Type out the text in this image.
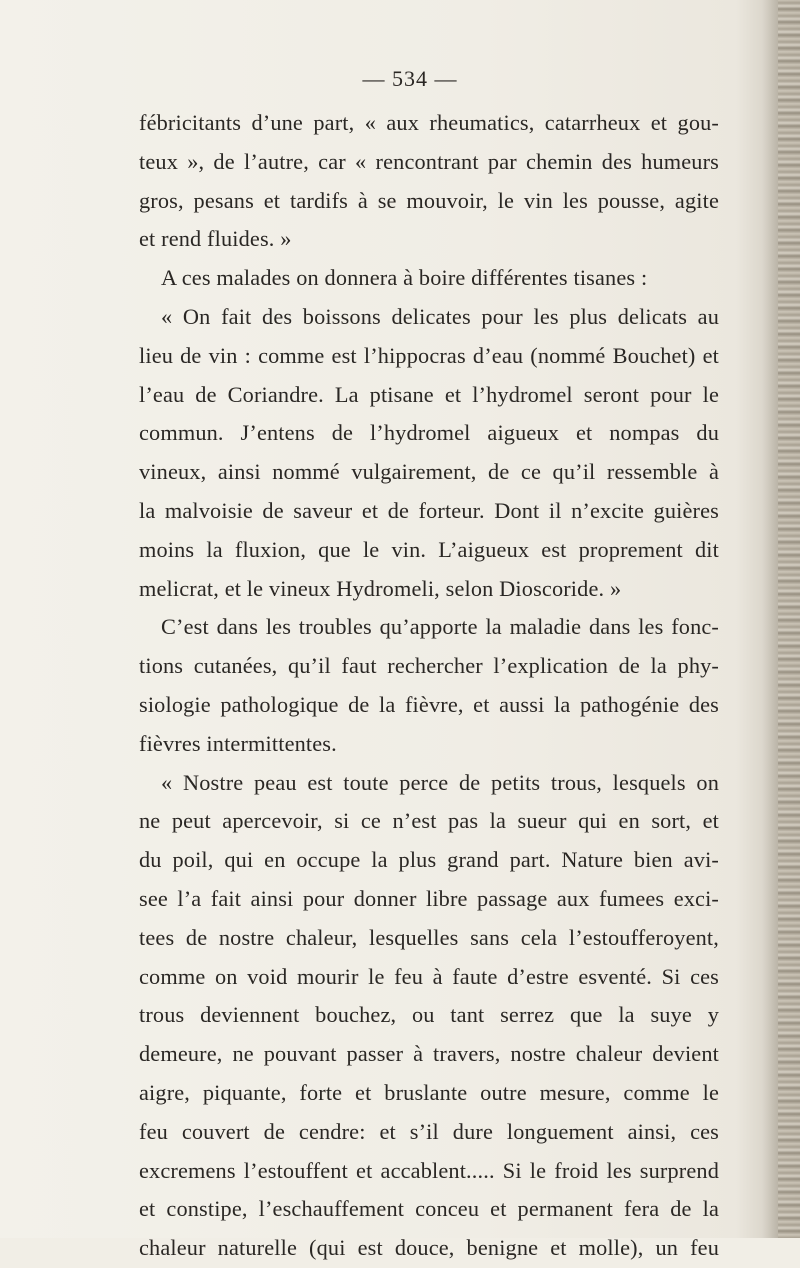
— 534 —
fébricitants d’une part, « aux rheumatics, catarrheux et gou-
teux », de l’autre, car « rencontrant par chemin des humeurs
gros, pesans et tardifs à se mouvoir, le vin les pousse, agite
et rend fluides. »
A ces malades on donnera à boire différentes tisanes :
« On fait des boissons delicates pour les plus delicats au
lieu de vin : comme est l’hippocras d’eau (nommé Bouchet) et
l’eau de Coriandre. La ptisane et l’hydromel seront pour le
commun. J’entens de l’hydromel aigueux et nompas du
vineux, ainsi nommé vulgairement, de ce qu’il ressemble à
la malvoisie de saveur et de forteur. Dont il n’excite guières
moins la fluxion, que le vin. L’aigueux est proprement dit
melicrat, et le vineux Hydromeli, selon Dioscoride. »
C’est dans les troubles qu’apporte la maladie dans les fonc-
tions cutanées, qu’il faut rechercher l’explication de la phy-
siologie pathologique de la fièvre, et aussi la pathogénie des
fièvres intermittentes.
« Nostre peau est toute perce de petits trous, lesquels on
ne peut apercevoir, si ce n’est pas la sueur qui en sort, et
du poil, qui en occupe la plus grand part. Nature bien avi-
see l’a fait ainsi pour donner libre passage aux fumees exci-
tees de nostre chaleur, lesquelles sans cela l’estoufferoyent,
comme on void mourir le feu à faute d’estre esventé. Si ces
trous deviennent bouchez, ou tant serrez que la suye y
demeure, ne pouvant passer à travers, nostre chaleur devient
aigre, piquante, forte et bruslante outre mesure, comme le
feu couvert de cendre: et s’il dure longuement ainsi, ces
excremens l’estouffent et accablent..... Si le froid les surprend
et constipe, l’eschauffement conceu et permanent fera de la
chaleur naturelle (qui est douce, benigne et molle), un feu
